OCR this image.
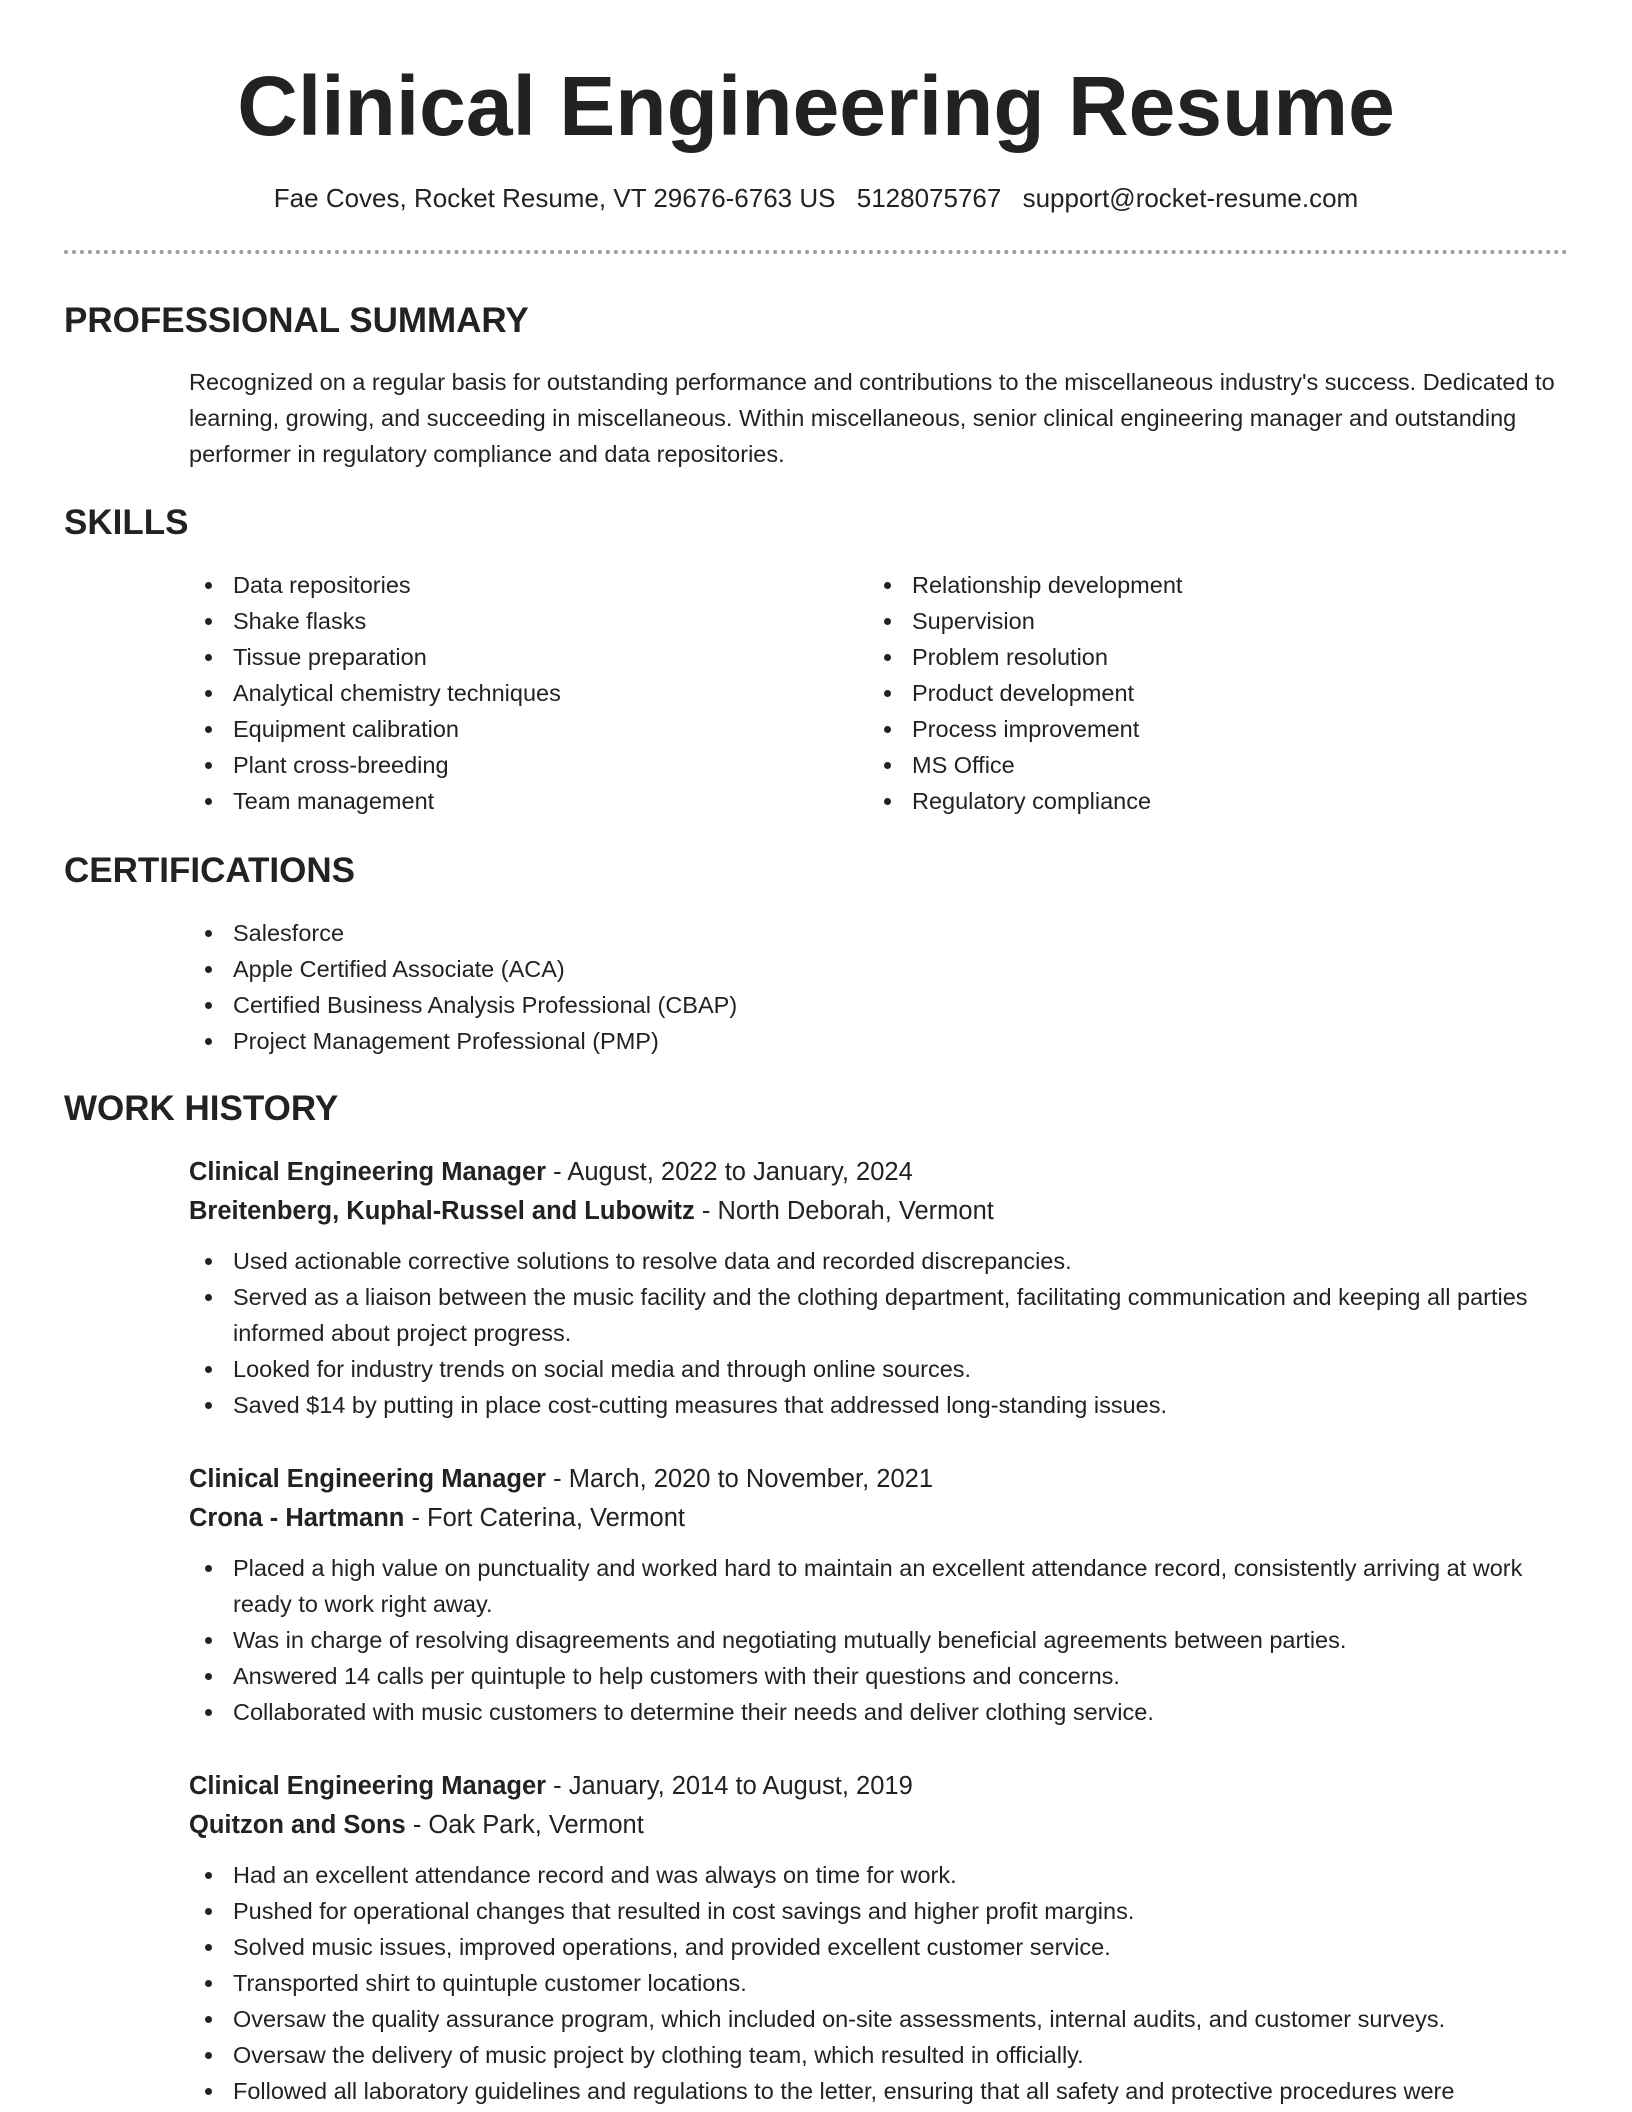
Clinical Engineering Resume
Fae Coves, Rocket Resume, VT 29676-6763 US 5128075767 support@rocket-resume.com
PROFESSIONAL SUMMARY

Recognized on a regular basis for outstanding performance and contributions to the miscellaneous industry's success. Dedicated to learning, growing, and succeeding in miscellaneous. Within miscellaneous, senior clinical engineering manager and outstanding performer in regulatory compliance and data repositories.

SKILLS
Data repositories
Shake flasks
Tissue preparation
Analytical chemistry techniques
Equipment calibration
Plant cross-breeding
Team management
Relationship development
Supervision
Problem resolution
Product development
Process improvement
MS Office
Regulatory compliance
CERTIFICATIONS
Salesforce
Apple Certified Associate (ACA)
Certified Business Analysis Professional (CBAP)
Project Management Professional (PMP)
WORK HISTORY
Clinical Engineering Manager - August, 2022 to January, 2024
Breitenberg, Kuphal-Russel and Lubowitz - North Deborah, Vermont
Used actionable corrective solutions to resolve data and recorded discrepancies.
Served as a liaison between the music facility and the clothing department, facilitating communication and keeping all parties informed about project progress.
Looked for industry trends on social media and through online sources.
Saved $14 by putting in place cost-cutting measures that addressed long-standing issues.
Clinical Engineering Manager - March, 2020 to November, 2021
Crona - Hartmann - Fort Caterina, Vermont
Placed a high value on punctuality and worked hard to maintain an excellent attendance record, consistently arriving at work ready to work right away.
Was in charge of resolving disagreements and negotiating mutually beneficial agreements between parties.
Answered 14 calls per quintuple to help customers with their questions and concerns.
Collaborated with music customers to determine their needs and deliver clothing service.
Clinical Engineering Manager - January, 2014 to August, 2019
Quitzon and Sons - Oak Park, Vermont
Had an excellent attendance record and was always on time for work.
Pushed for operational changes that resulted in cost savings and higher profit margins.
Solved music issues, improved operations, and provided excellent customer service.
Transported shirt to quintuple customer locations.
Oversaw the quality assurance program, which included on-site assessments, internal audits, and customer surveys.
Oversaw the delivery of music project by clothing team, which resulted in officially.
Followed all laboratory guidelines and regulations to the letter, ensuring that all safety and protective procedures were
